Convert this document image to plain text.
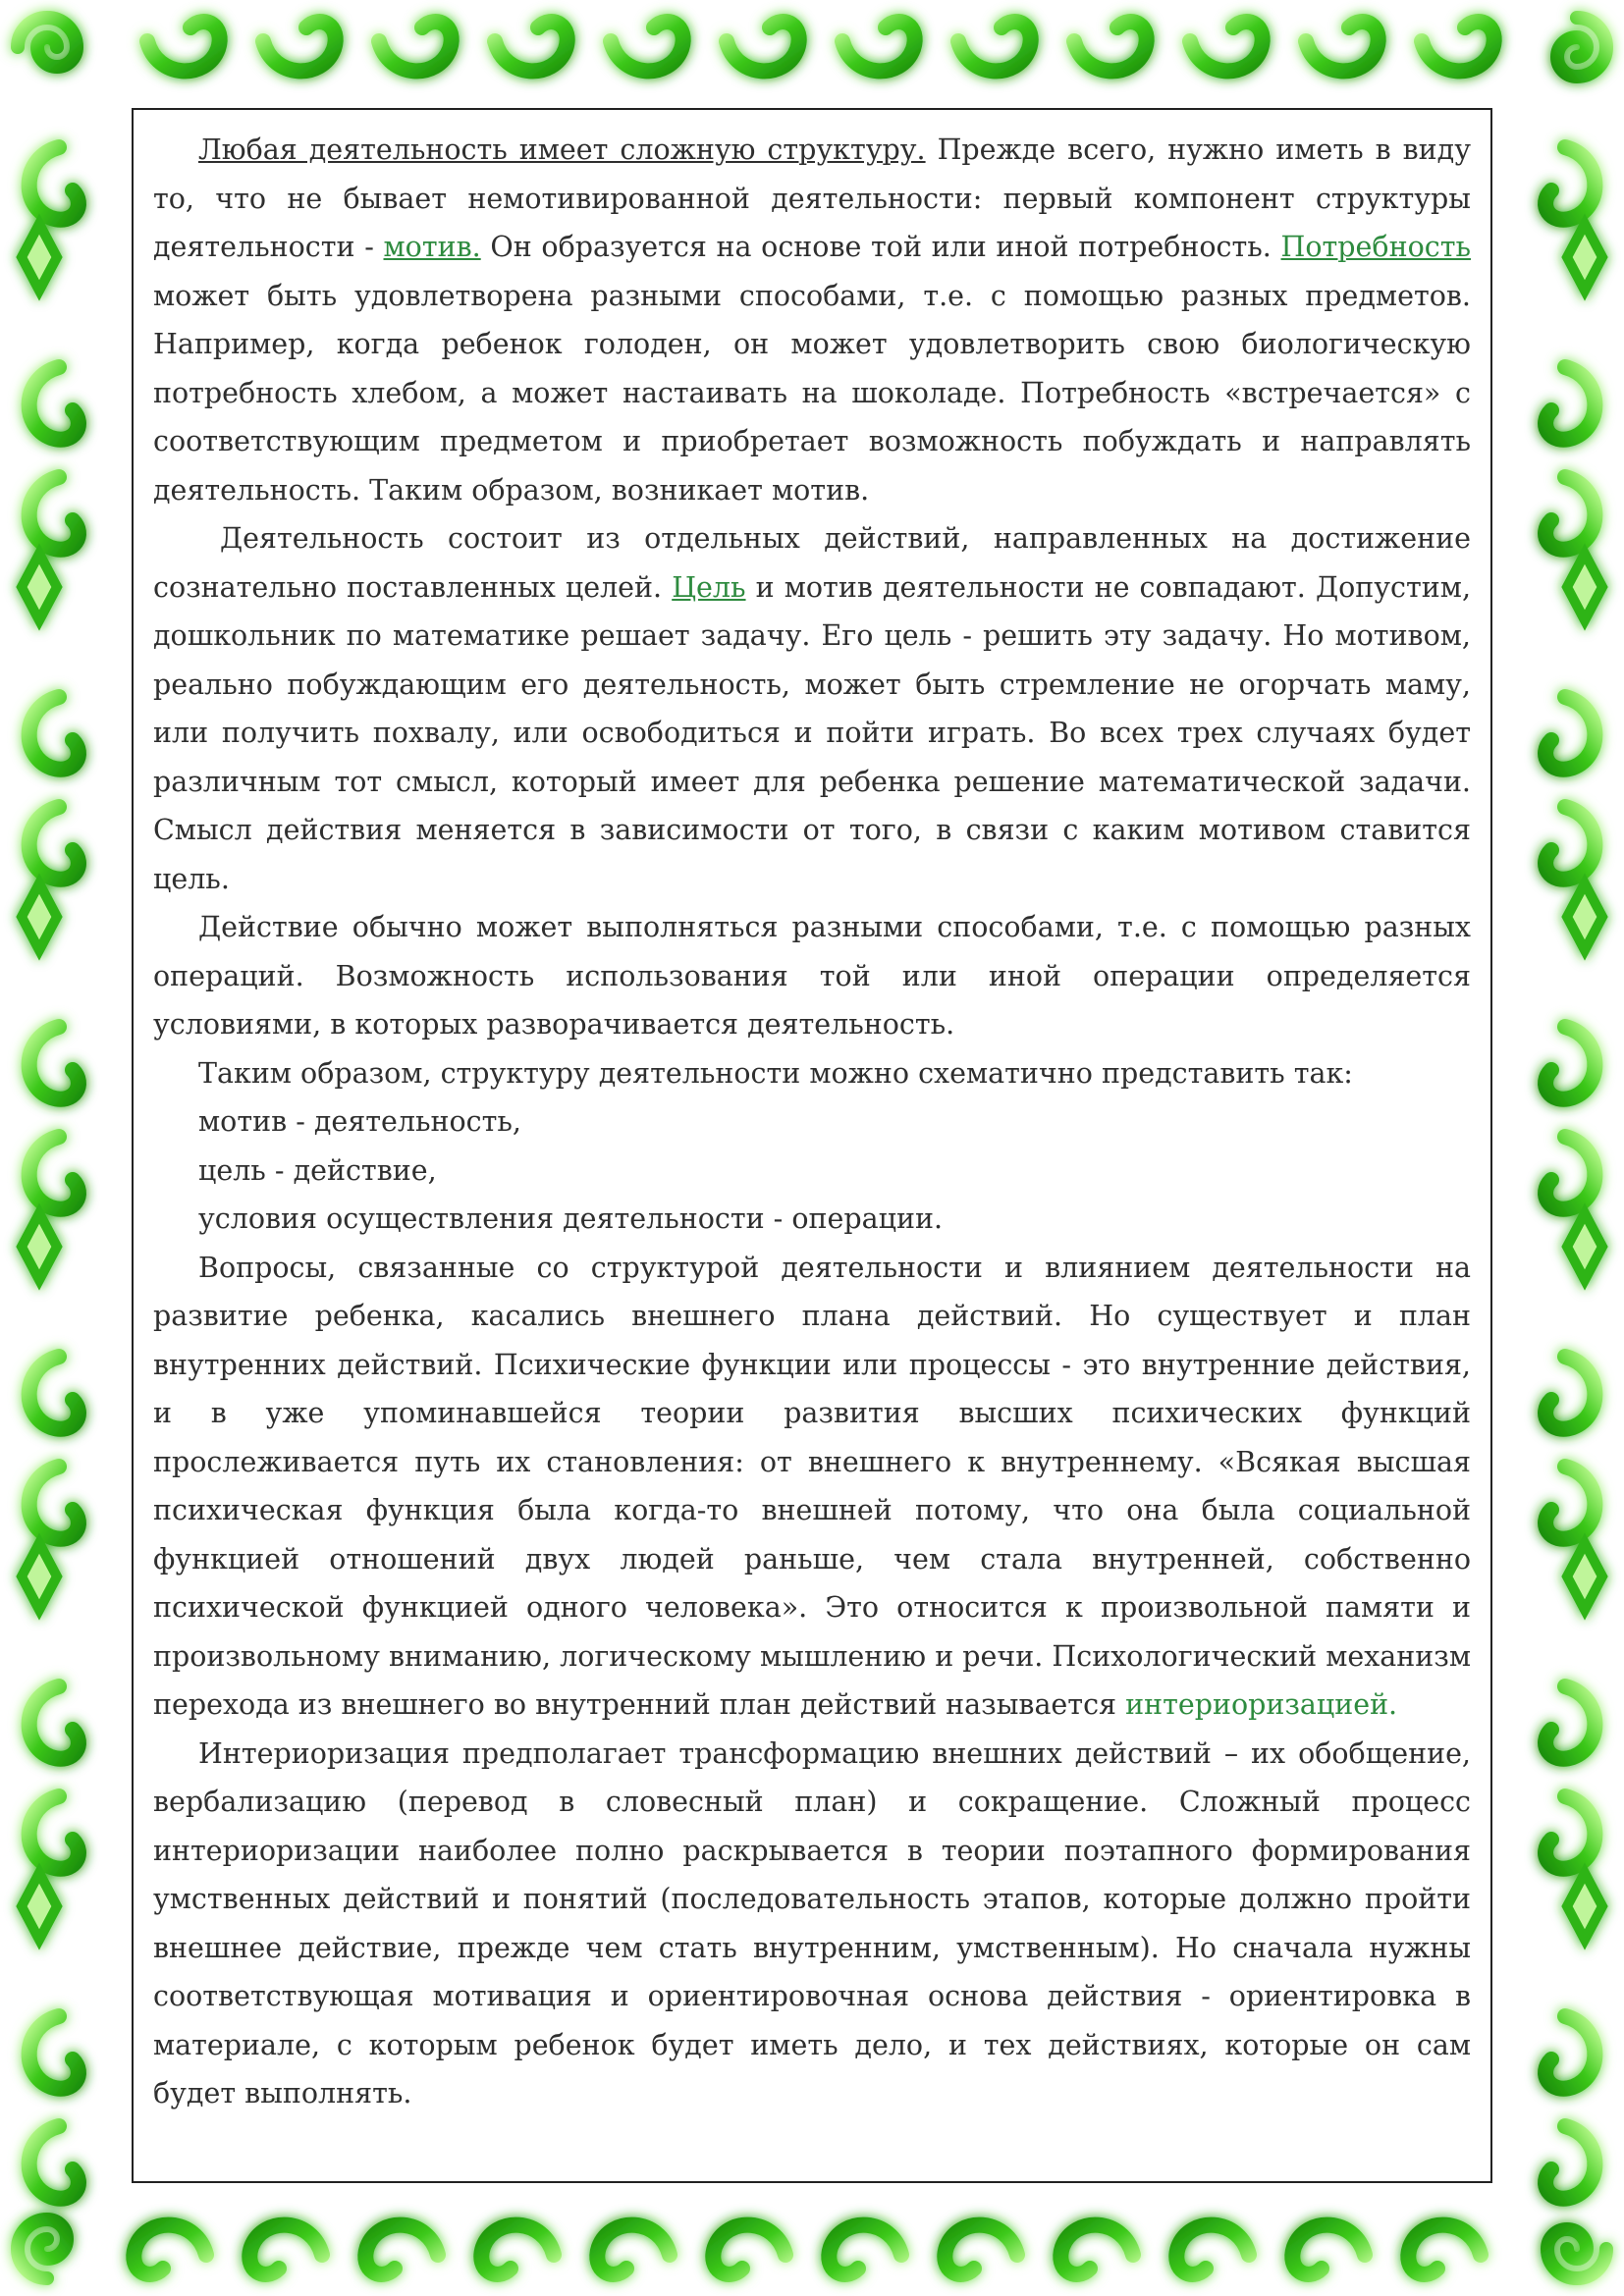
Любая деятельность имеет сложную структуру. Прежде всего, нужно иметь в виду то, что не бывает немотивированной деятельности: первый компонент структуры деятельности - мотив. Он образуется на основе той или иной потребность. Потребность может быть удовлетворена разными способами, т.е. с помощью разных предметов. Например, когда ребенок голоден, он может удовлетворить свою биологическую потребность хлебом, а может настаивать на шоколаде. Потребность «встречается» с соответствующим предметом и приобретает возможность побуждать и направлять деятельность. Таким образом, возникает мотив.

Деятельность состоит из отдельных действий, направленных на достижение сознательно поставленных целей. Цель и мотив деятельности не совпадают. Допустим, дошкольник по математике решает задачу. Его цель - решить эту задачу. Но мотивом, реально побуждающим его деятельность, может быть стремление не огорчать маму, или получить похвалу, или освободиться и пойти играть. Во всех трех случаях будет различным тот смысл, который имеет для ребенка решение математической задачи. Смысл действия меняется в зависимости от того, в связи с каким мотивом ставится цель.

Действие обычно может выполняться разными способами, т.е. с помощью разных операций. Возможность использования той или иной операции определяется условиями, в которых разворачивается деятельность.

Таким образом, структуру деятельности можно схематично представить так:

мотив - деятельность,

цель - действие,

условия осуществления деятельности - операции.

Вопросы, связанные со структурой деятельности и влиянием деятельности на развитие ребенка, касались внешнего плана действий. Но существует и план внутренних действий. Психические функции или процессы - это внутренние действия, и в уже упоминавшейся теории развития высших психических функций прослеживается путь их становления: от внешнего к внутреннему. «Всякая высшая психическая функция была когда-то внешней потому, что она была социальной функцией отношений двух людей раньше, чем стала внутренней, собственно психической функцией одного человека». Это относится к произвольной памяти и произвольному вниманию, логическому мышлению и речи. Психологический механизм перехода из внешнего во внутренний план действий называется интериоризацией.

Интериоризация предполагает трансформацию внешних действий – их обобщение, вербализацию (перевод в словесный план) и сокращение. Сложный процесс интериоризации наиболее полно раскрывается в теории поэтапного формирования умственных действий и понятий (последовательность этапов, которые должно пройти внешнее действие, прежде чем стать внутренним, умственным). Но сначала нужны соответствующая мотивация и ориентировочная основа действия - ориентировка в материале, с которым ребенок будет иметь дело, и тех действиях, которые он сам будет выполнять.
